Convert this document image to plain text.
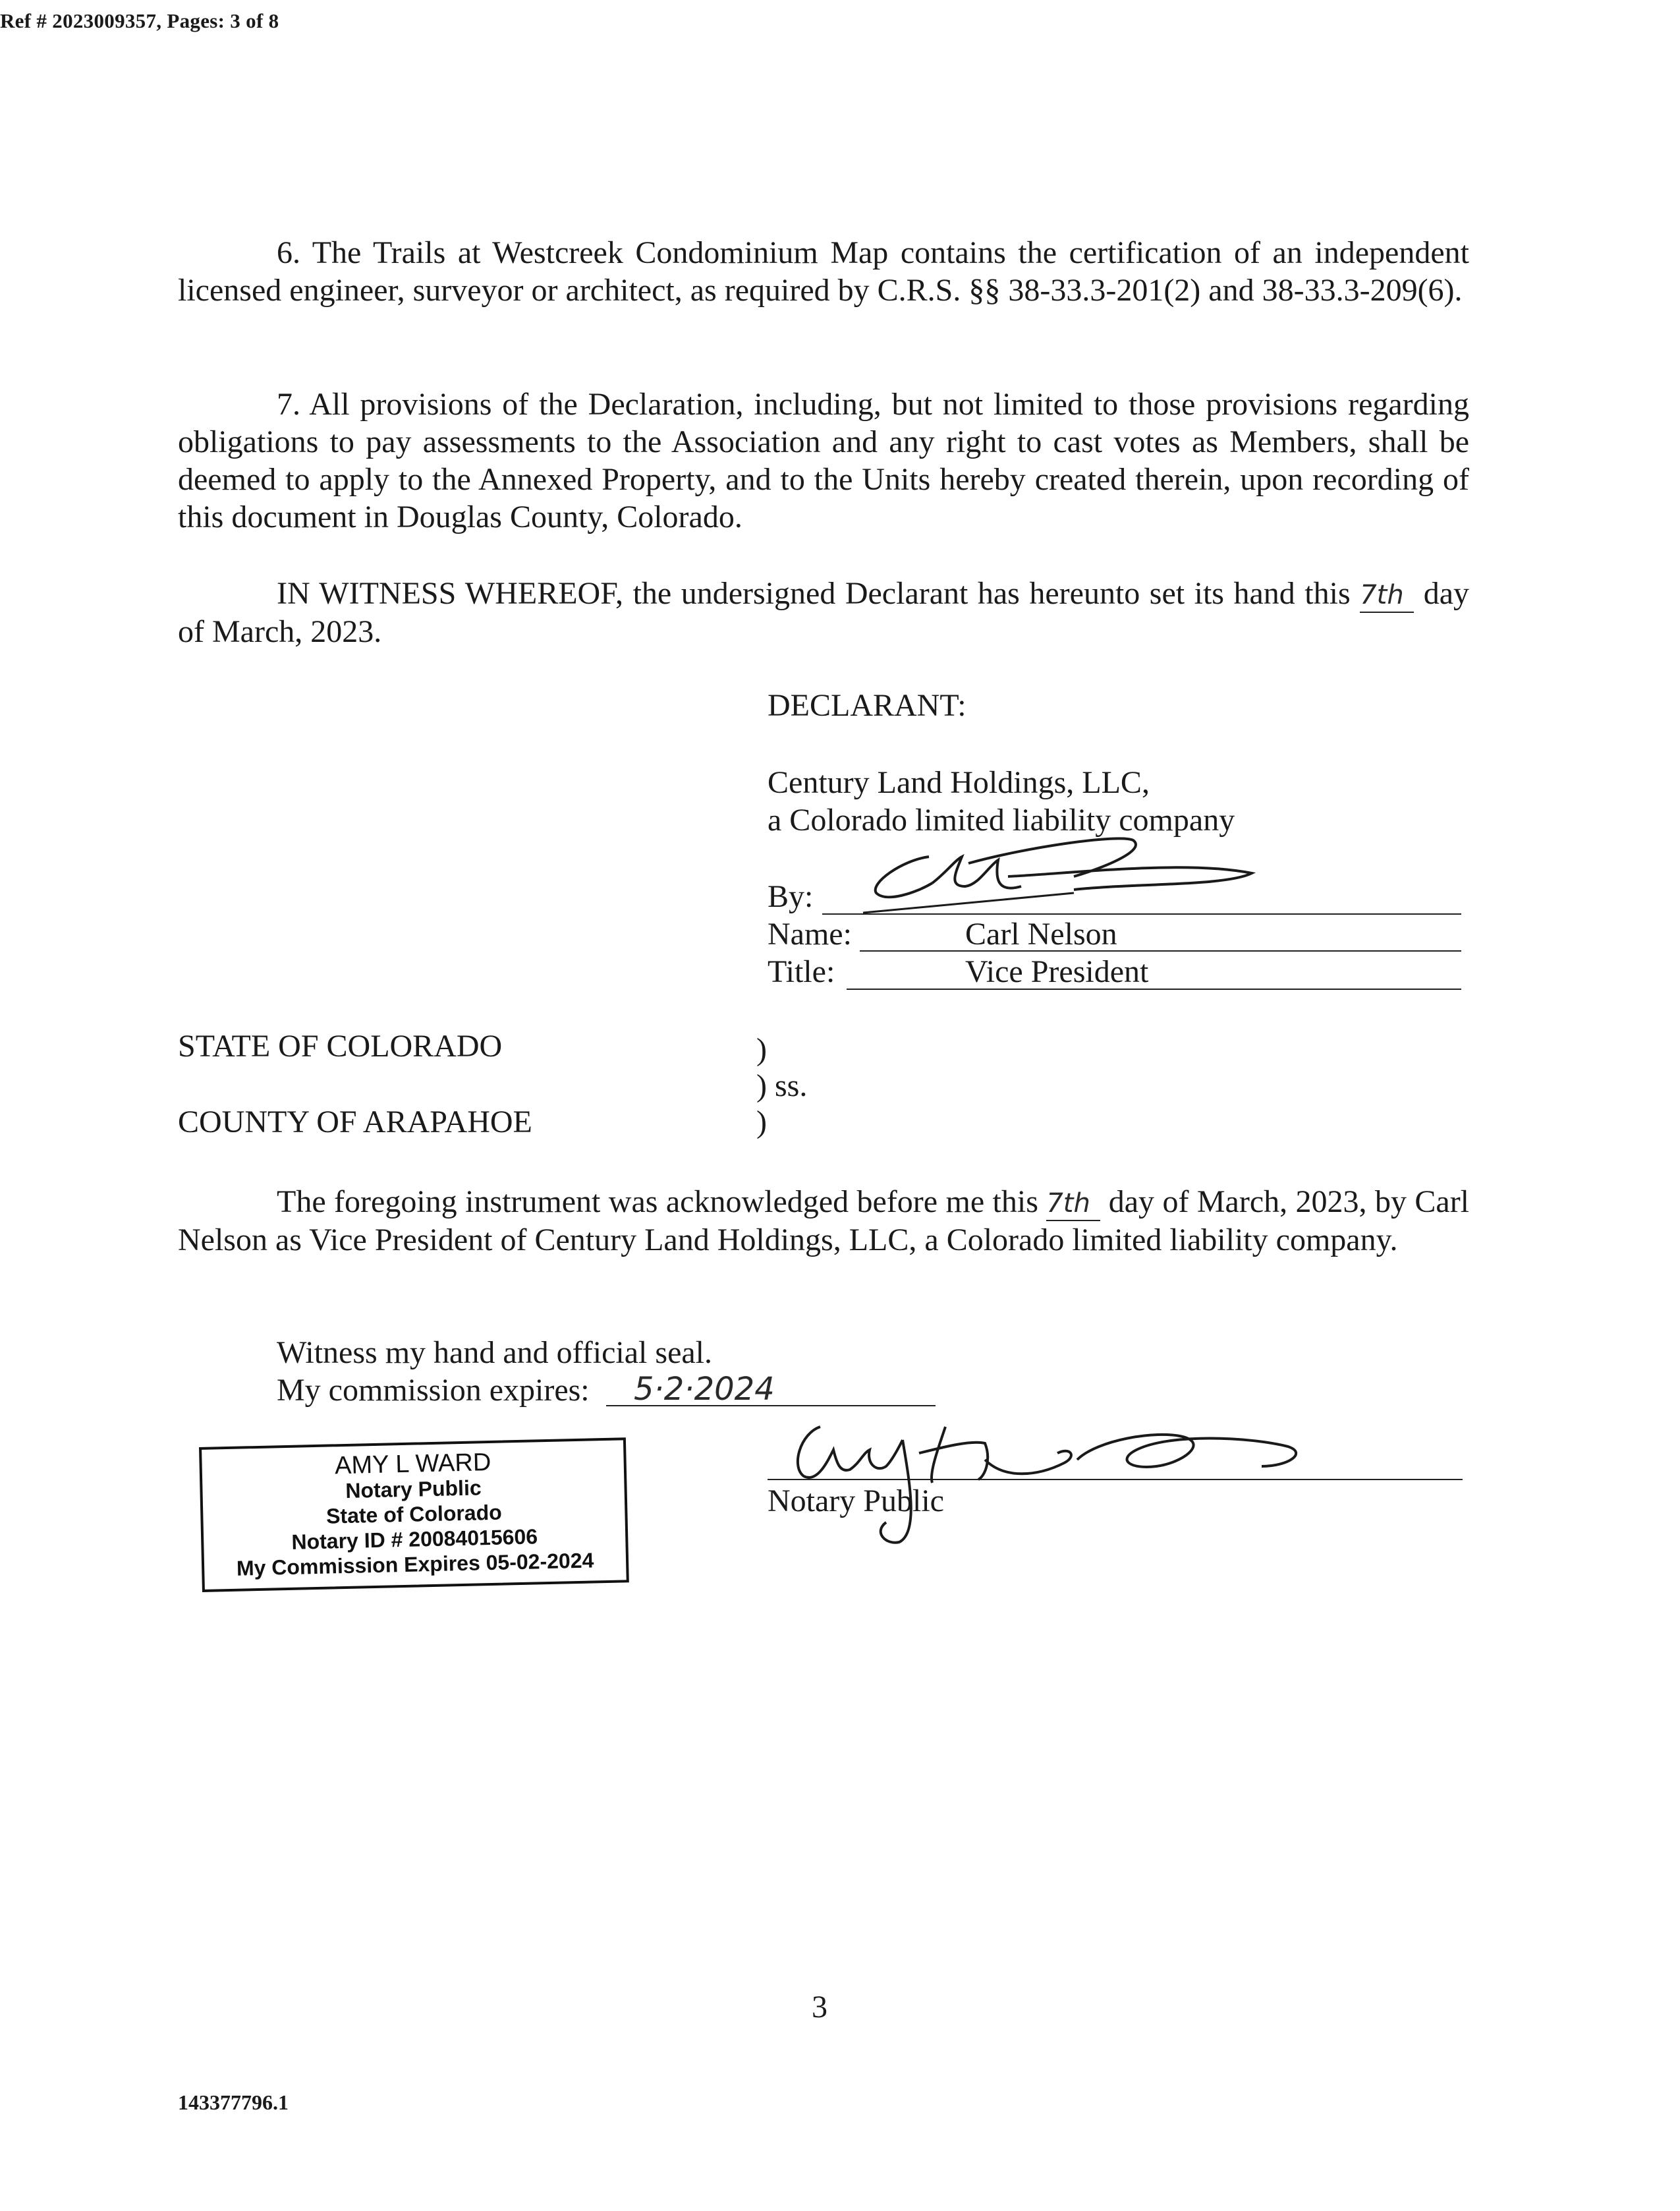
Ref # 2023009357, Pages: 3 of 8
6. The Trails at Westcreek Condominium Map contains the certification of an independent licensed engineer, surveyor or architect, as required by C.R.S. §§ 38-33.3-201(2) and 38-33.3-209(6).
7. All provisions of the Declaration, including, but not limited to those provisions regarding obligations to pay assessments to the Association and any right to cast votes as Members, shall be deemed to apply to the Annexed Property, and to the Units hereby created therein, upon recording of this document in Douglas County, Colorado.
IN WITNESS WHEREOF, the undersigned Declarant has hereunto set its hand this 7th day of March, 2023.
DECLARANT:
Century Land Holdings, LLC,
a Colorado limited liability company
By:
Name:	Carl Nelson
Title:	Vice President
STATE OF COLORADO
COUNTY OF ARAPAHOE
)
) ss.
)
The foregoing instrument was acknowledged before me this 7th day of March, 2023, by Carl Nelson as Vice President of Century Land Holdings, LLC, a Colorado limited liability company.
Witness my hand and official seal.
My commission expires: 5·2·2024
Notary Public
AMY L WARD
Notary Public
State of Colorado
Notary ID # 20084015606
My Commission Expires 05-02-2024
3
143377796.1
